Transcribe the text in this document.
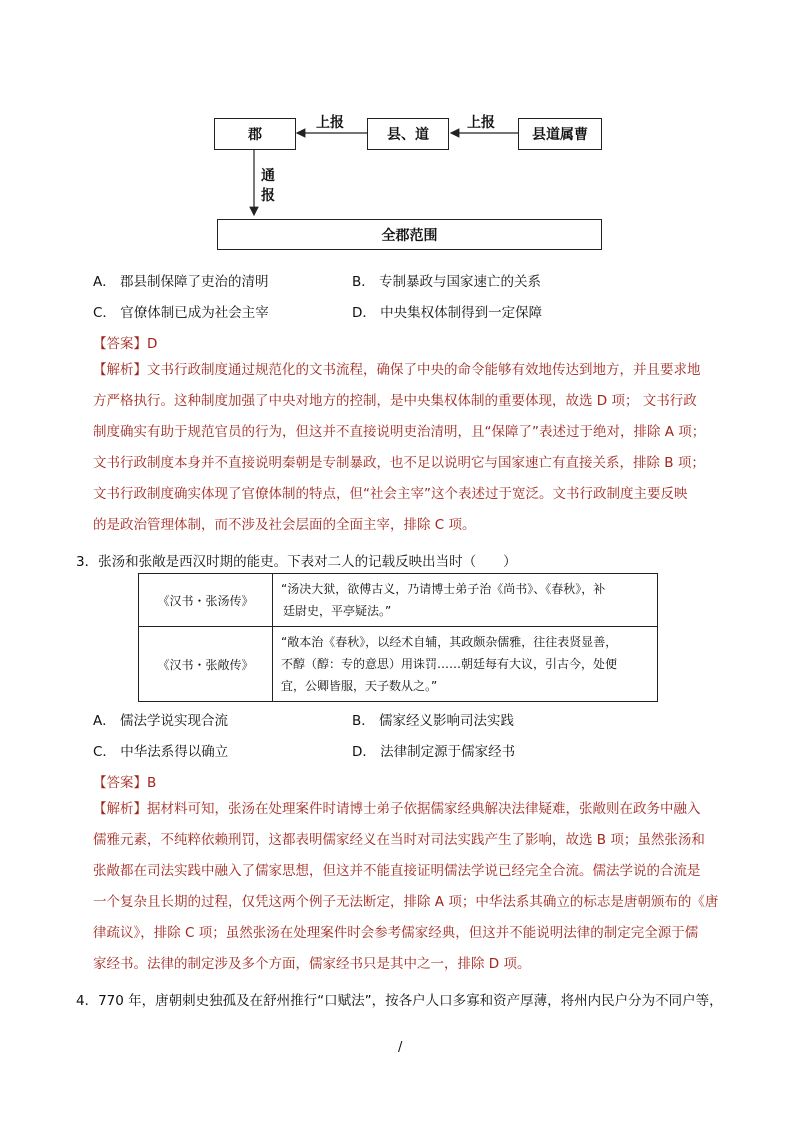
郡	县、道	县道属曹
全郡范围
上报	上报
通
报
A． 郡县制保障了吏治的清明	B． 专制暴政与国家速亡的关系
C． 官僚体制已成为社会主宰	D． 中央集权体制得到一定保障
【答案】D
【解析】文书行政制度通过规范化的文书流程，确保了中央的命令能够有效地传达到地方，并且要求地
方严格执行。这种制度加强了中央对地方的控制，是中央集权体制的重要体现，故选 D 项； 文书行政
制度确实有助于规范官员的行为，但这并不直接说明吏治清明，且“保障了”表述过于绝对，排除 A 项；
文书行政制度本身并不直接说明秦朝是专制暴政，也不足以说明它与国家速亡有直接关系，排除 B 项；
文书行政制度确实体现了官僚体制的特点，但“社会主宰”这个表述过于宽泛。文书行政制度主要反映
的是政治管理体制，而不涉及社会层面的全面主宰，排除 C 项。
3．张汤和张敞是西汉时期的能吏。下表对二人的记载反映出当时（　　）
《汉书・张汤传》	“汤决大狱，欲傅古义，乃请博士弟子治《尚书》、《春秋》，补
廷尉史，平亭疑法。”

《汉书・张敞传》	“敞本治《春秋》，以经术自辅，其政颇杂儒雅，往往表贤显善，
不醇（醇：专的意思）用诛罚……朝廷每有大议，引古今，处便
宜，公卿皆服，天子数从之。”
A． 儒法学说实现合流	B． 儒家经义影响司法实践
C． 中华法系得以确立	D． 法律制定源于儒家经书
【答案】B
【解析】据材料可知，张汤在处理案件时请博士弟子依据儒家经典解决法律疑难，张敞则在政务中融入
儒雅元素，不纯粹依赖刑罚，这都表明儒家经义在当时对司法实践产生了影响，故选 B 项；虽然张汤和
张敞都在司法实践中融入了儒家思想，但这并不能直接证明儒法学说已经完全合流。儒法学说的合流是
一个复杂且长期的过程，仅凭这两个例子无法断定，排除 A 项；中华法系其确立的标志是唐朝颁布的《唐
律疏议》，排除 C 项；虽然张汤在处理案件时会参考儒家经典，但这并不能说明法律的制定完全源于儒
家经书。法律的制定涉及多个方面，儒家经书只是其中之一，排除 D 项。
4．770 年，唐朝刺史独孤及在舒州推行“口赋法”，按各户人口多寡和资产厚薄，将州内民户分为不同户等，
/
